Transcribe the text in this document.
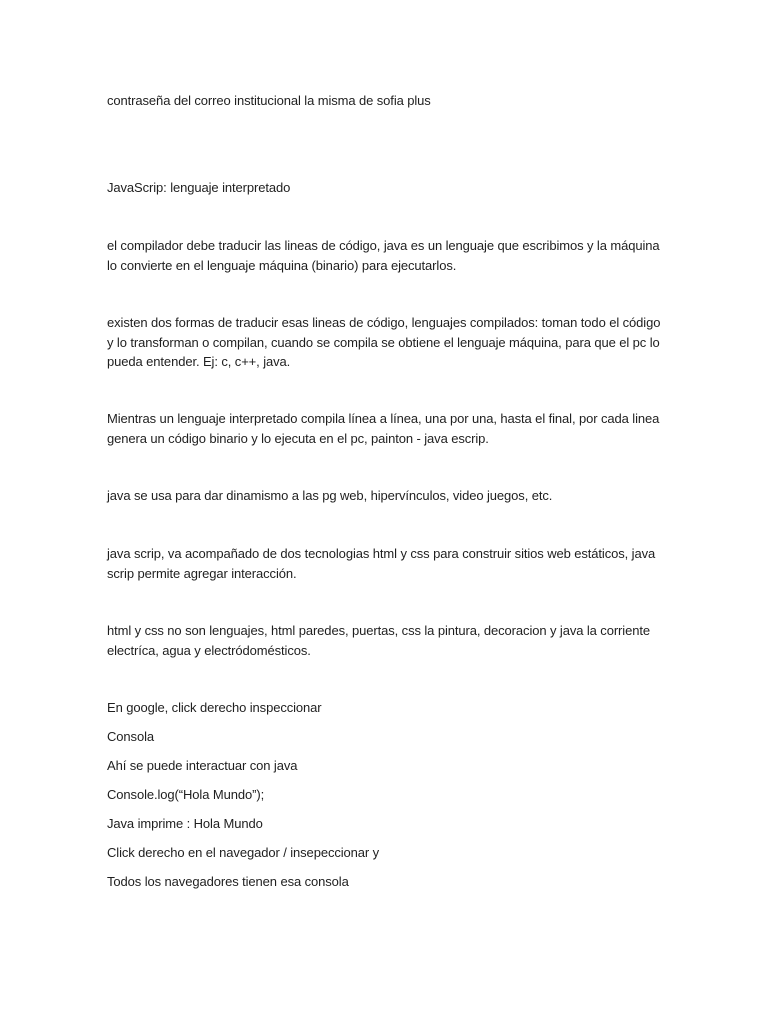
contraseña del correo institucional la misma de sofia plus

JavaScrip: lenguaje interpretado

el compilador debe traducir las lineas de código, java es un lenguaje que escribimos y la máquina lo convierte en el lenguaje máquina (binario) para ejecutarlos.

existen dos formas de traducir esas lineas de código, lenguajes compilados: toman todo el código y lo transforman o compilan, cuando se compila se obtiene el lenguaje máquina, para que el pc lo pueda entender. Ej: c, c++, java.

Mientras un lenguaje interpretado compila línea a línea, una por una, hasta el final, por cada linea genera un código binario y lo ejecuta en el pc, painton - java escrip.

java se usa para dar dinamismo a las pg web, hipervínculos, video juegos, etc.

java scrip, va acompañado de dos tecnologias html y css para construir sitios web estáticos, java scrip permite agregar interacción.

html y css no son lenguajes, html paredes, puertas, css la pintura, decoracion y java la corriente electríca, agua y electródomésticos.

En google, click derecho inspeccionar

Consola

Ahí se puede interactuar con java

Console.log(“Hola Mundo”);

Java imprime : Hola Mundo

Click derecho en el navegador / insepeccionar y

Todos los navegadores tienen esa consola
